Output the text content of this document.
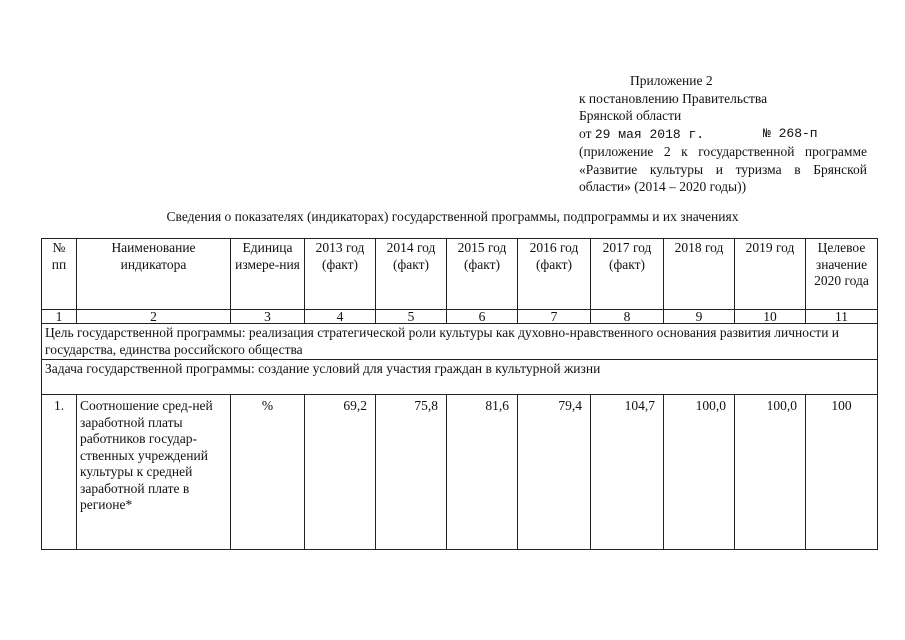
Приложение 2
к постановлению Правительства
Брянской области
от 29 мая 2018 г.	№ 268-п
(приложение 2 к государственной программе
«Развитие культуры и туризма в Брянской
области» (2014 – 2020 годы))
Сведения о показателях (индикаторах) государственной программы, подпрограммы и их значениях
№ пп	Наименование индикатора	Единица измере-ния	2013 год (факт)	2014 год (факт)	2015 год (факт)	2016 год (факт)	2017 год (факт)	2018 год	2019 год	Целевое значение 2020 года
1	2	3	4	5	6	7	8	9	10	11
Цель государственной программы: реализация стратегической роли культуры как духовно-нравственного основания развития личности и государства, единства российского общества										
Задача государственной программы: создание условий для участия граждан в культурной жизни										
1.	Соотношение сред-ней заработной платы работников государ-ственных учреждений культуры к средней заработной плате в регионе*	%	69,2	75,8	81,6	79,4	104,7	100,0	100,0	100
